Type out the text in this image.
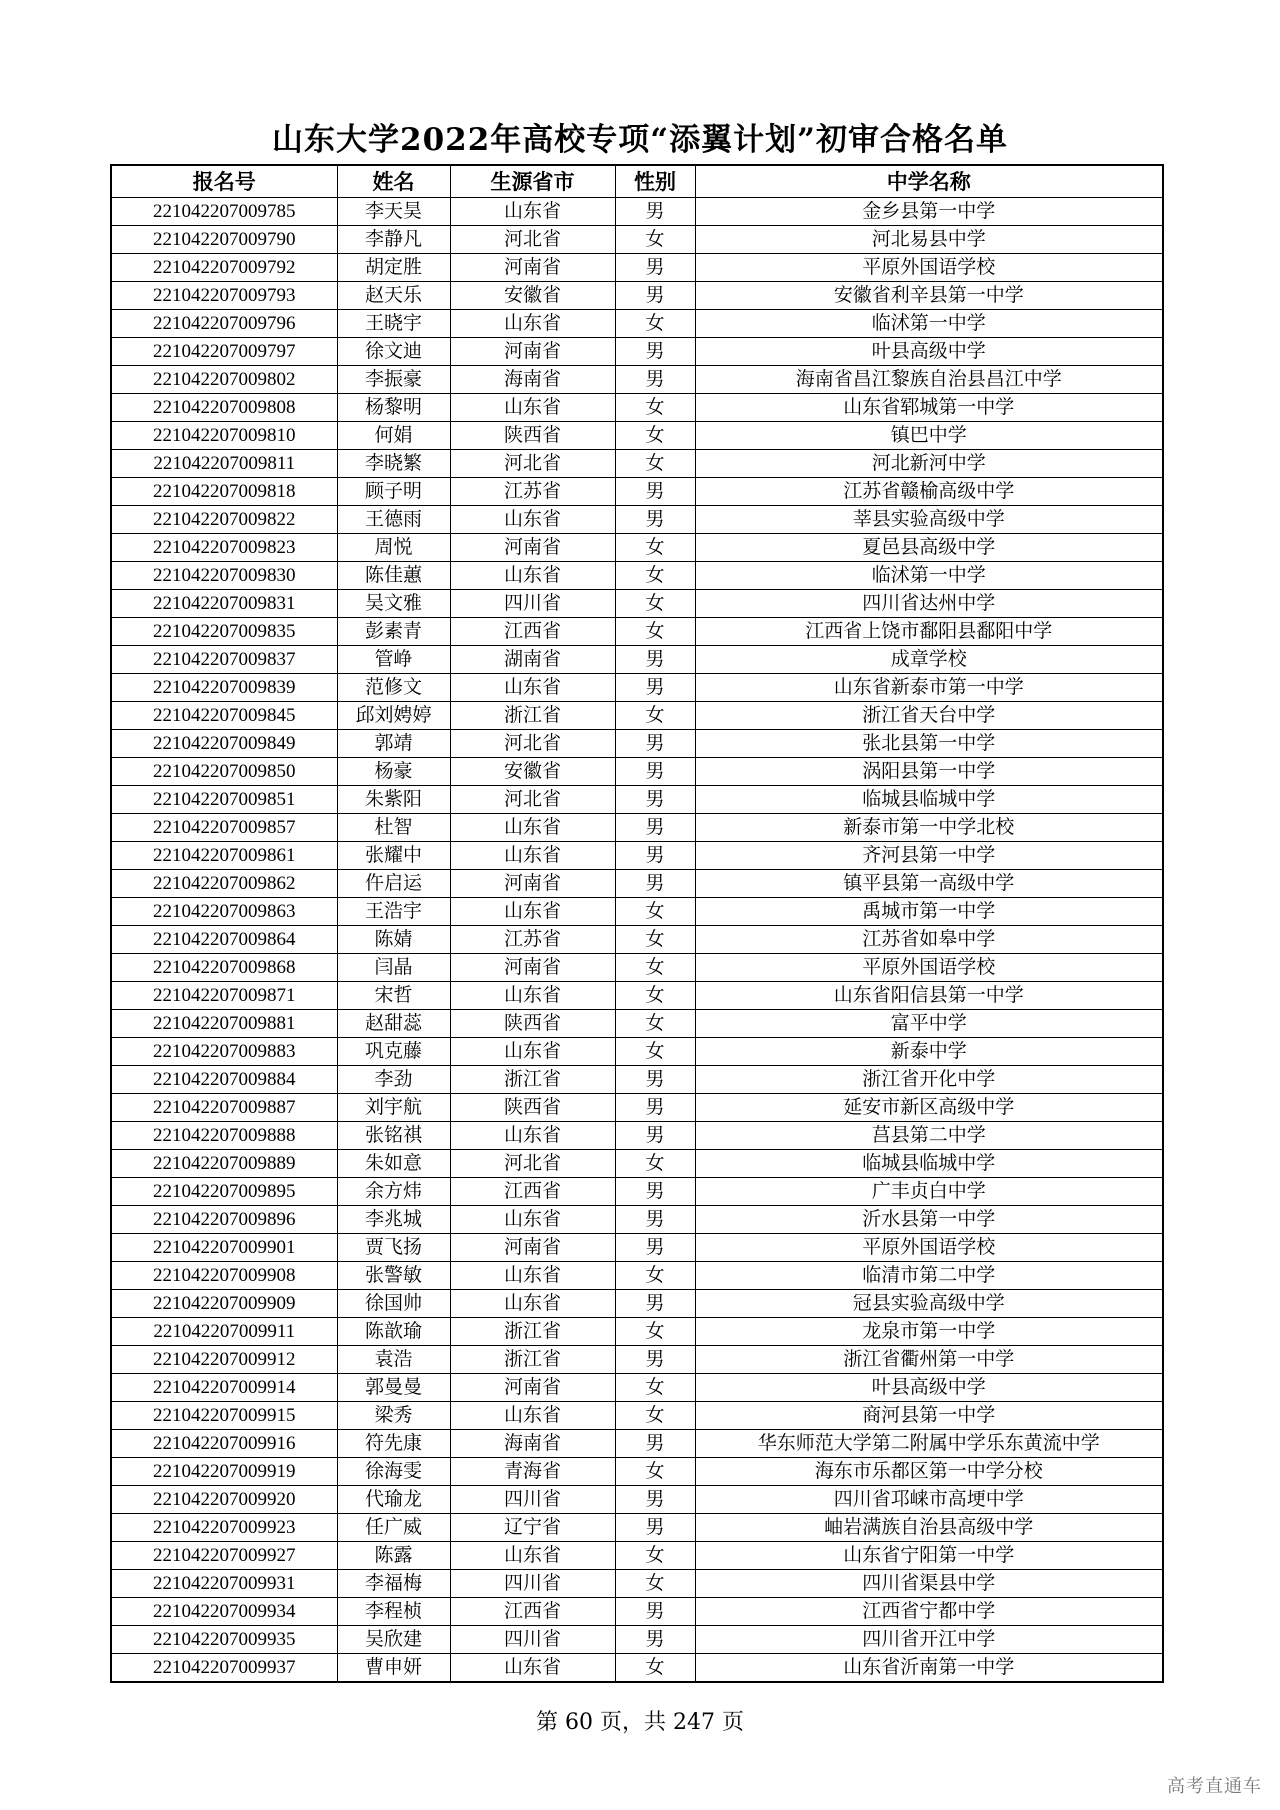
山东大学2022年高校专项“添翼计划”初审合格名单
报名号	姓名	生源省市	性别	中学名称
221042207009785	李天昊	山东省	男	金乡县第一中学
221042207009790	李静凡	河北省	女	河北易县中学
221042207009792	胡定胜	河南省	男	平原外国语学校
221042207009793	赵天乐	安徽省	男	安徽省利辛县第一中学
221042207009796	王晓宇	山东省	女	临沭第一中学
221042207009797	徐文迪	河南省	男	叶县高级中学
221042207009802	李振豪	海南省	男	海南省昌江黎族自治县昌江中学
221042207009808	杨黎明	山东省	女	山东省郓城第一中学
221042207009810	何娟	陕西省	女	镇巴中学
221042207009811	李晓繁	河北省	女	河北新河中学
221042207009818	顾子明	江苏省	男	江苏省赣榆高级中学
221042207009822	王德雨	山东省	男	莘县实验高级中学
221042207009823	周悦	河南省	女	夏邑县高级中学
221042207009830	陈佳蕙	山东省	女	临沭第一中学
221042207009831	吴文雅	四川省	女	四川省达州中学
221042207009835	彭素青	江西省	女	江西省上饶市鄱阳县鄱阳中学
221042207009837	管峥	湖南省	男	成章学校
221042207009839	范修文	山东省	男	山东省新泰市第一中学
221042207009845	邱刘娉婷	浙江省	女	浙江省天台中学
221042207009849	郭靖	河北省	男	张北县第一中学
221042207009850	杨豪	安徽省	男	涡阳县第一中学
221042207009851	朱紫阳	河北省	男	临城县临城中学
221042207009857	杜智	山东省	男	新泰市第一中学北校
221042207009861	张耀中	山东省	男	齐河县第一中学
221042207009862	仵启运	河南省	男	镇平县第一高级中学
221042207009863	王浩宇	山东省	女	禹城市第一中学
221042207009864	陈婧	江苏省	女	江苏省如皋中学
221042207009868	闫晶	河南省	女	平原外国语学校
221042207009871	宋哲	山东省	女	山东省阳信县第一中学
221042207009881	赵甜蕊	陕西省	女	富平中学
221042207009883	巩克藤	山东省	女	新泰中学
221042207009884	李劲	浙江省	男	浙江省开化中学
221042207009887	刘宇航	陕西省	男	延安市新区高级中学
221042207009888	张铭祺	山东省	男	莒县第二中学
221042207009889	朱如意	河北省	女	临城县临城中学
221042207009895	余方炜	江西省	男	广丰贞白中学
221042207009896	李兆城	山东省	男	沂水县第一中学
221042207009901	贾飞扬	河南省	男	平原外国语学校
221042207009908	张警敏	山东省	女	临清市第二中学
221042207009909	徐国帅	山东省	男	冠县实验高级中学
221042207009911	陈歆瑜	浙江省	女	龙泉市第一中学
221042207009912	袁浩	浙江省	男	浙江省衢州第一中学
221042207009914	郭曼曼	河南省	女	叶县高级中学
221042207009915	梁秀	山东省	女	商河县第一中学
221042207009916	符先康	海南省	男	华东师范大学第二附属中学乐东黄流中学
221042207009919	徐海雯	青海省	女	海东市乐都区第一中学分校
221042207009920	代瑜龙	四川省	男	四川省邛崃市高埂中学
221042207009923	任广威	辽宁省	男	岫岩满族自治县高级中学
221042207009927	陈露	山东省	女	山东省宁阳第一中学
221042207009931	李福梅	四川省	女	四川省渠县中学
221042207009934	李程桢	江西省	男	江西省宁都中学
221042207009935	吴欣建	四川省	男	四川省开江中学
221042207009937	曹申妍	山东省	女	山东省沂南第一中学
第 60 页，共 247 页
高考直通车
